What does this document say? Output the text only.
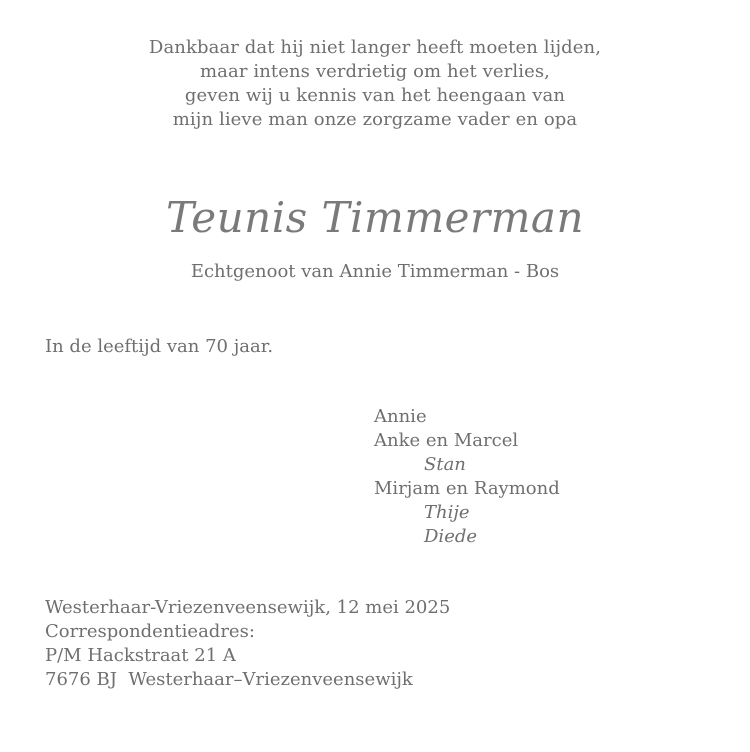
Dankbaar dat hij niet langer heeft moeten lijden,
maar intens verdrietig om het verlies,
geven wij u kennis van het heengaan van
mijn lieve man onze zorgzame vader en opa
Teunis Timmerman
Echtgenoot van Annie Timmerman - Bos
In de leeftijd van 70 jaar.
Annie
Anke en Marcel
Stan
Mirjam en Raymond
Thije
Diede
Westerhaar-Vriezenveensewijk, 12 mei 2025
Correspondentieadres:
P/M Hackstraat 21 A
7676 BJ  Westerhaar–Vriezenveensewijk
